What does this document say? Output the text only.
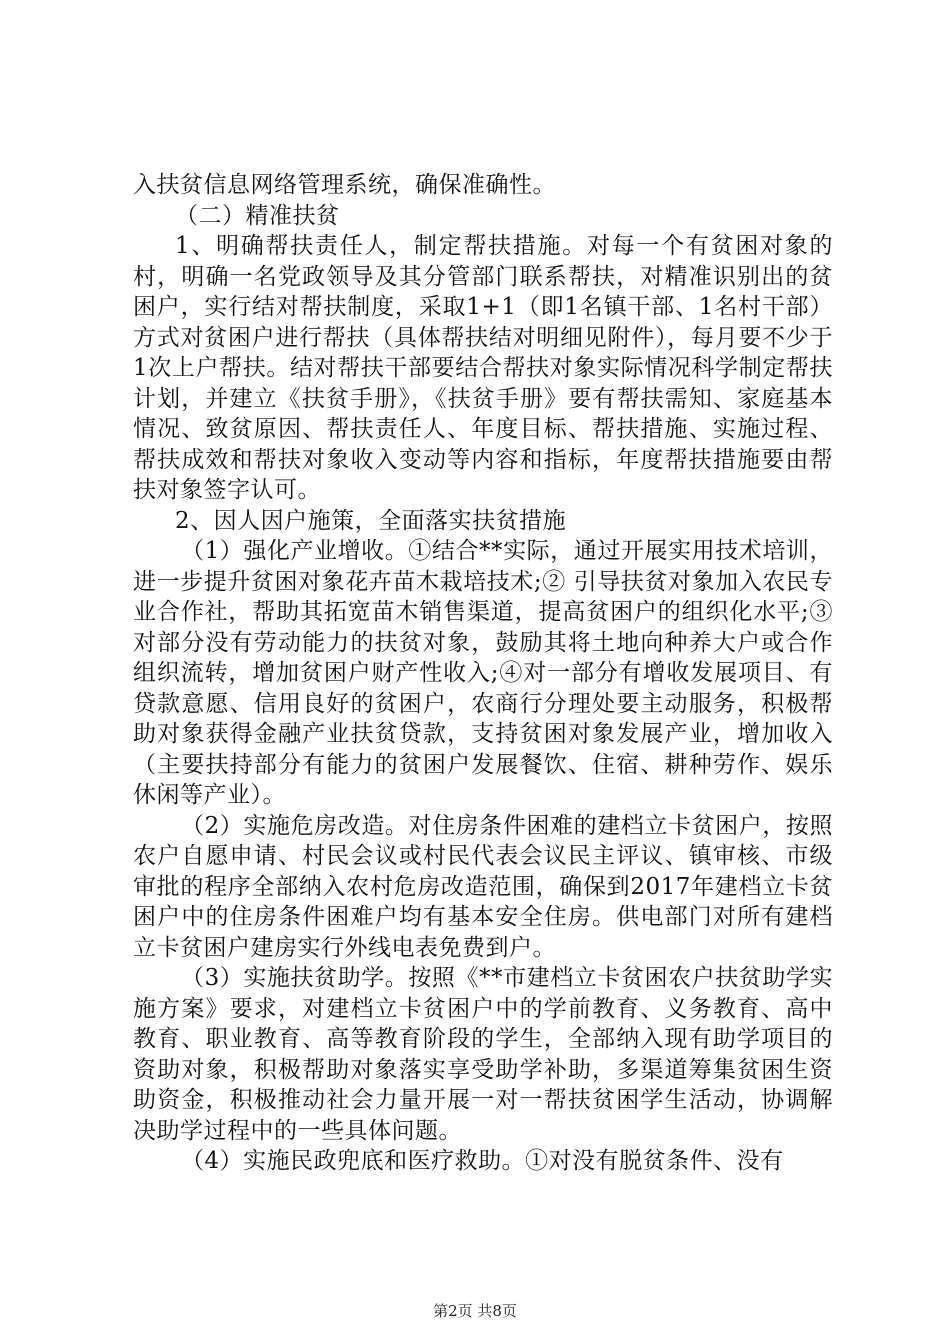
入扶贫信息网络管理系统，确保准确性。

（二）精准扶贫

1、明确帮扶责任人，制定帮扶措施。对每一个有贫困对象的村，明确一名党政领导及其分管部门联系帮扶，对精准识别出的贫困户，实行结对帮扶制度，采取1+1（即1名镇干部、1名村干部）方式对贫困户进行帮扶（具体帮扶结对明细见附件），每月要不少于1次上户帮扶。结对帮扶干部要结合帮扶对象实际情况科学制定帮扶计划，并建立《扶贫手册》，《扶贫手册》要有帮扶需知、家庭基本情况、致贫原因、帮扶责任人、年度目标、帮扶措施、实施过程、帮扶成效和帮扶对象收入变动等内容和指标，年度帮扶措施要由帮扶对象签字认可。

2、因人因户施策，全面落实扶贫措施

（1）强化产业增收。①结合**实际，通过开展实用技术培训，进一步提升贫困对象花卉苗木栽培技术;② 引导扶贫对象加入农民专业合作社，帮助其拓宽苗木销售渠道，提高贫困户的组织化水平;③ 对部分没有劳动能力的扶贫对象，鼓励其将土地向种养大户或合作组织流转，增加贫困户财产性收入;④对一部分有增收发展项目、有贷款意愿、信用良好的贫困户，农商行分理处要主动服务，积极帮助对象获得金融产业扶贫贷款，支持贫困对象发展产业，增加收入（主要扶持部分有能力的贫困户发展餐饮、住宿、耕种劳作、娱乐休闲等产业）。

（2）实施危房改造。对住房条件困难的建档立卡贫困户，按照农户自愿申请、村民会议或村民代表会议民主评议、镇审核、市级审批的程序全部纳入农村危房改造范围，确保到2017年建档立卡贫困户中的住房条件困难户均有基本安全住房。供电部门对所有建档立卡贫困户建房实行外线电表免费到户。

（3）实施扶贫助学。按照《**市建档立卡贫困农户扶贫助学实施方案》要求，对建档立卡贫困户中的学前教育、义务教育、高中教育、职业教育、高等教育阶段的学生，全部纳入现有助学项目的资助对象，积极帮助对象落实享受助学补助，多渠道筹集贫困生资助资金，积极推动社会力量开展一对一帮扶贫困学生活动，协调解决助学过程中的一些具体问题。

（4）实施民政兜底和医疗救助。①对没有脱贫条件、没有

第2页 共8页
